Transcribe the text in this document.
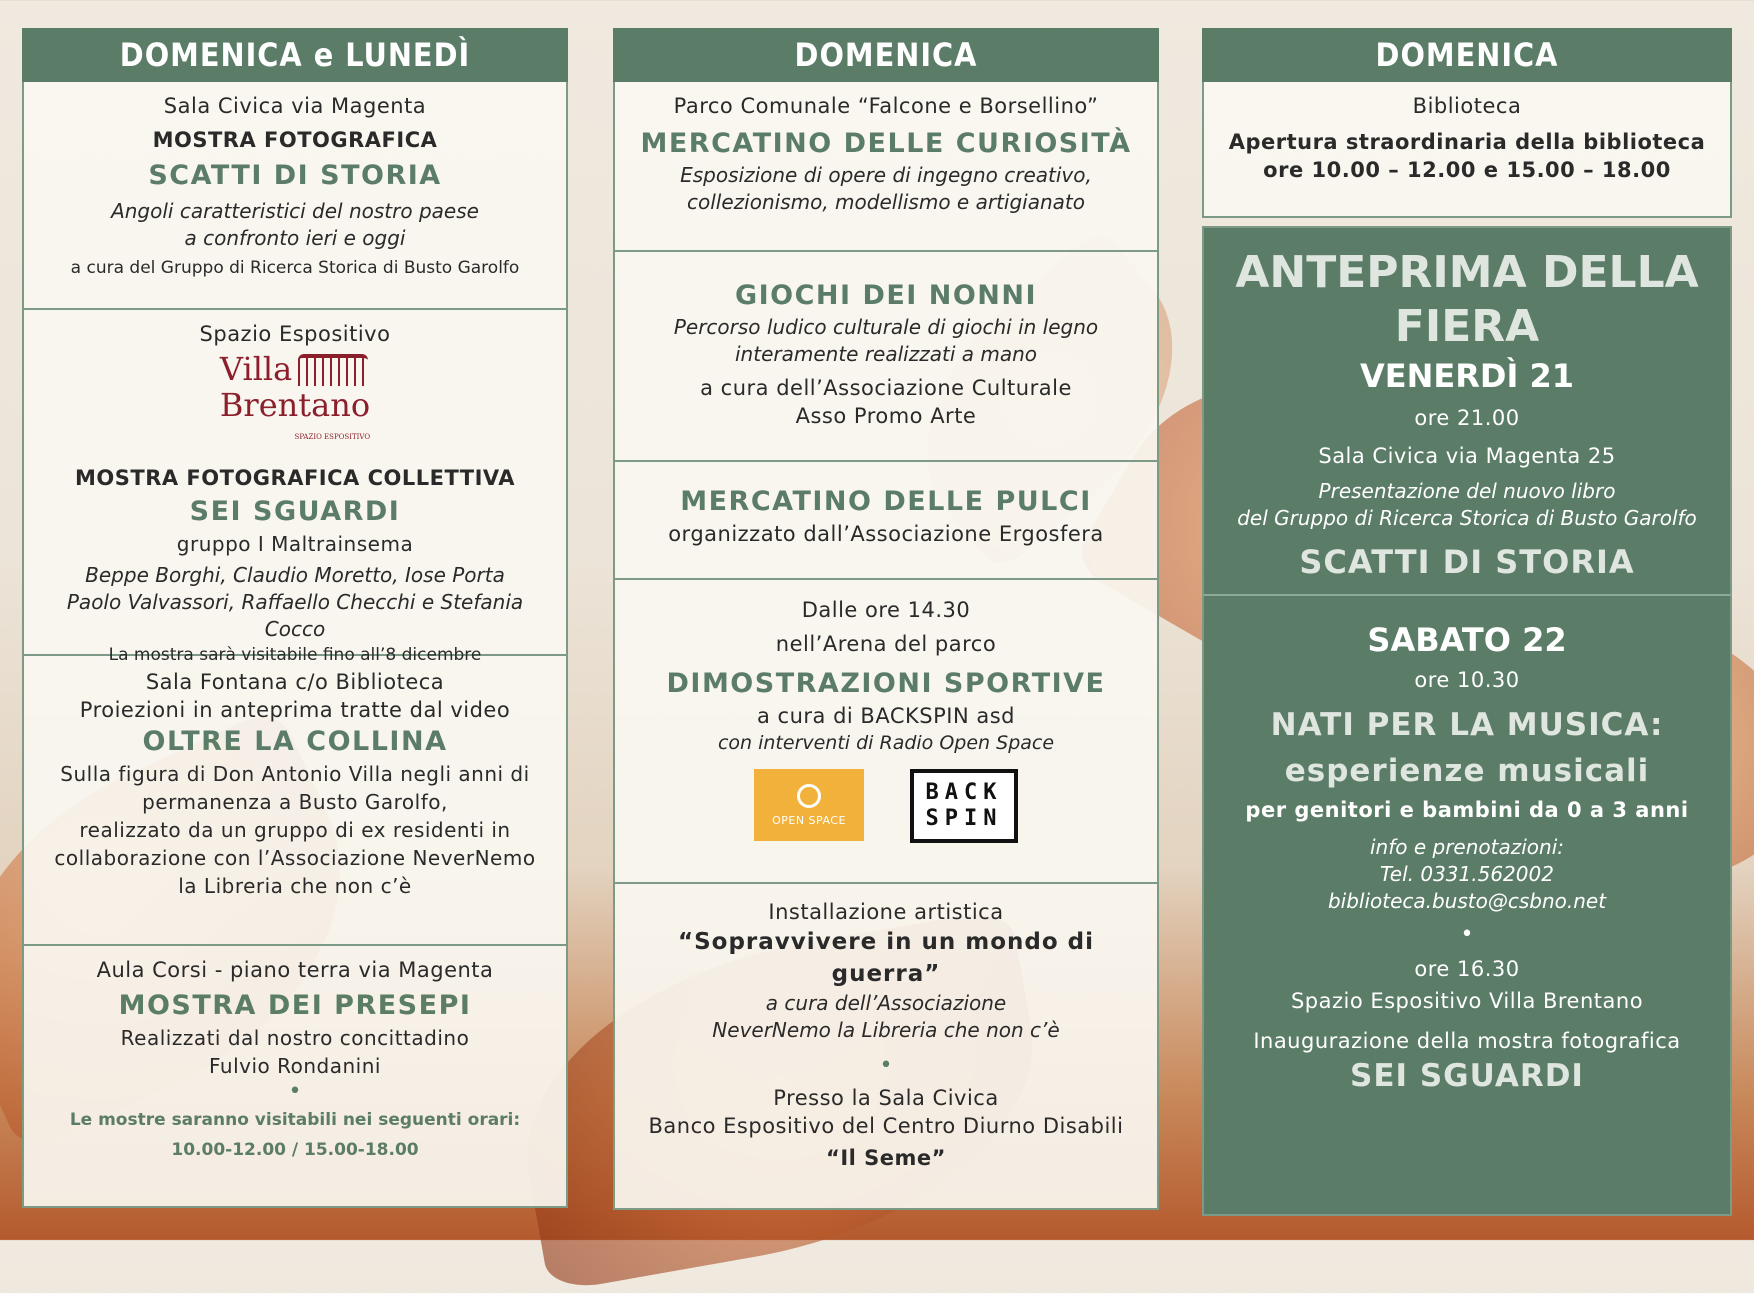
DOMENICA e LUNEDÌ
Sala Civica via Magenta
MOSTRA FOTOGRAFICA
SCATTI DI STORIA
Angoli caratteristici del nostro paese
a confronto ieri e oggi
a cura del Gruppo di Ricerca Storica di Busto Garolfo
Spazio Espositivo
Villa
Brentano
SPAZIO ESPOSITIVO
MOSTRA FOTOGRAFICA COLLETTIVA
SEI SGUARDI
gruppo I Maltrainsema
Beppe Borghi, Claudio Moretto, Iose Porta
Paolo Valvassori, Raffaello Checchi e Stefania Cocco
La mostra sarà visitabile fino all’8 dicembre
Sala Fontana c/o Biblioteca
Proiezioni in anteprima tratte dal video
OLTRE LA COLLINA
Sulla figura di Don Antonio Villa negli anni di
permanenza a Busto Garolfo,
realizzato da un gruppo di ex residenti in
collaborazione con l’Associazione NeverNemo
la Libreria che non c’è
Aula Corsi - piano terra via Magenta
MOSTRA DEI PRESEPI
Realizzati dal nostro concittadino
Fulvio Rondanini
•
Le mostre saranno visitabili nei seguenti orari:
10.00-12.00 / 15.00-18.00
DOMENICA
Parco Comunale “Falcone e Borsellino”
MERCATINO DELLE CURIOSITÀ
Esposizione di opere di ingegno creativo,
collezionismo, modellismo e artigianato
GIOCHI DEI NONNI
Percorso ludico culturale di giochi in legno
interamente realizzati a mano
a cura dell’Associazione Culturale
Asso Promo Arte
MERCATINO DELLE PULCI
organizzato dall’Associazione Ergosfera
Dalle ore 14.30
nell’Arena del parco
DIMOSTRAZIONI SPORTIVE
a cura di BACKSPIN asd
con interventi di Radio Open Space
OPEN SPACE
BACK
SPIN
Installazione artistica
“Sopravvivere in un mondo di guerra”
a cura dell’Associazione
NeverNemo la Libreria che non c’è
•
Presso la Sala Civica
Banco Espositivo del Centro Diurno Disabili
“Il Seme”
DOMENICA
Biblioteca
Apertura straordinaria della biblioteca
ore 10.00 – 12.00 e 15.00 – 18.00
ANTEPRIMA DELLA FIERA
VENERDÌ 21
ore 21.00
Sala Civica via Magenta 25
Presentazione del nuovo libro
del Gruppo di Ricerca Storica di Busto Garolfo
SCATTI DI STORIA
SABATO 22
ore 10.30
NATI PER LA MUSICA:
esperienze musicali
per genitori e bambini da 0 a 3 anni
info e prenotazioni:
Tel. 0331.562002
biblioteca.busto@csbno.net
•
ore 16.30
Spazio Espositivo Villa Brentano
Inaugurazione della mostra fotografica
SEI SGUARDI
